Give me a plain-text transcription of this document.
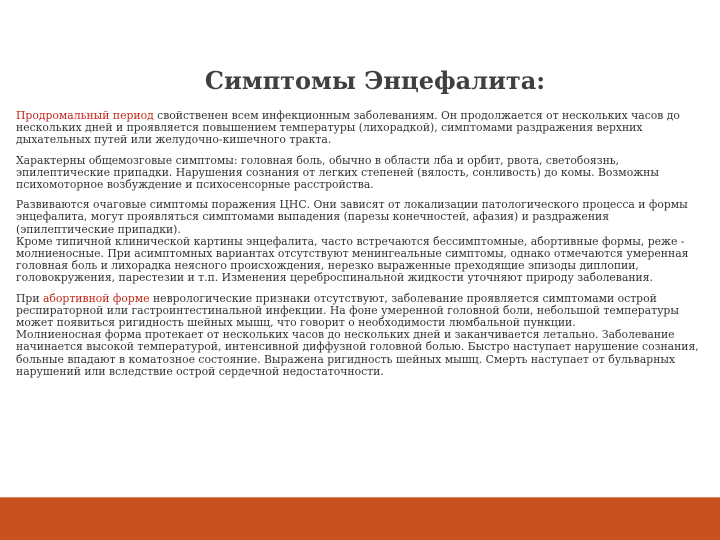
Симптомы Энцефалита:

Продромальный период свойственен всем инфекционным заболеваниям. Он продолжается от нескольких часов до нескольких дней и проявляется повышением температуры (лихорадкой), симптомами раздражения верхних дыхательных путей или желудочно-кишечного тракта.

Характерны общемозговые симптомы: головная боль, обычно в области лба и орбит, рвота, светобоязнь, эпилептические припадки. Нарушения сознания от легких степеней (вялость, сонливость) до комы. Возможны психомоторное возбуждение и психосенсорные расстройства.

Развиваются очаговые симптомы поражения ЦНС. Они зависят от локализации патологического процесса и формы энцефалита, могут проявляться симптомами выпадения (парезы конечностей, афазия) и раздражения (эпилептические припадки).

Кроме типичной клинической картины энцефалита, часто встречаются бессимптомные, абортивные формы, реже - молниеносные. При асимптомных вариантах отсутствуют менингеальные симптомы, однако отмечаются умеренная головная боль и лихорадка неясного происхождения, нерезко выраженные преходящие эпизоды диплопии, головокружения, парестезии и т.п. Изменения цереброспинальной жидкости уточняют природу заболевания.

При абортивной форме неврологические признаки отсутствуют, заболевание проявляется симптомами острой респираторной или гастроинтестинальной инфекции. На фоне умеренной головной боли, небольшой температуры может появиться ригидность шейных мышц, что говорит о необходимости люмбальной пункции.

Молниеносная форма протекает от нескольких часов до нескольких дней и заканчивается летально. Заболевание начинается высокой температурой, интенсивной диффузной головной болью. Быстро наступает нарушение сознания, больные впадают в коматозное состояние. Выражена ригидность шейных мышц. Смерть наступает от бульварных нарушений или вследствие острой сердечной недостаточности.
